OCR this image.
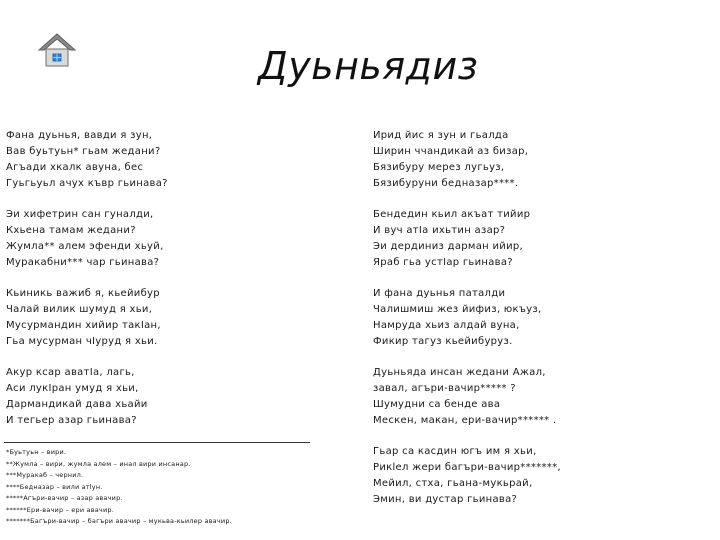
Дуьньядиз
Фана дуьнья, вавди я зун,
Вав буьтуьн* гьам жедани?
Агъади хкалк авуна, бес
Гуьгьуьл ачух къвр гьинава?
Эи хифетрин сан гуналди,
Кхьена тамам жедани?
Жумла** алем эфенди хьуй,
Муракабни*** чар гьинава?
Кьиникь важиб я, кьейибур
Чалай вилик шумуд я хьи,
Мусурмандин хийир такІан,
Гьа мусурман чІуруд я хьи.
Акур ксар аватІа, лагь,
Аси лукІран умуд я хьи,
Дармандикай дава хьайи
И тегьер азар гьинава?
Ирид йис я зун и гьалда
Ширин ччандикай аз бизар,
Бязибуру мерез лугьуз,
Бязибуруни бедназар****.
Бендедин кьил акъат тийир
И вуч атІа ихьтин азар?
Эи дердиниз дарман ийир,
Яраб гьа устІар гьинава?
И фана дуьнья паталди
Чалишмиш жез йифиз, юкъуз,
Намруда хьиз алдай вуна,
Фикир тагуз кьейибуруз.
Дуьньяда инсан жедани Ажал,
завал, агъри-вачир***** ?
Шумудни са бенде ава
Мескен, макан, ери-вачир****** .
Гьар са касдин югъ им я хьи,
Рикlел жери багъри-вачир*******,
Мейил, стха, гьана-мукьрай,
Эмин, ви дустар гьинава?
*Буьтуьн – вири.
**Жумла – вири, жумла алем – инал вири инсанар.
***Муракаб – чернил.
****Бедназар – вили атlун.
*****Агъри-вачир – азар авачир.
******Ери-вачир – ери авачир.
*******Багъри-вачир – багъри авачир – мукьва-кьилер авачир.
